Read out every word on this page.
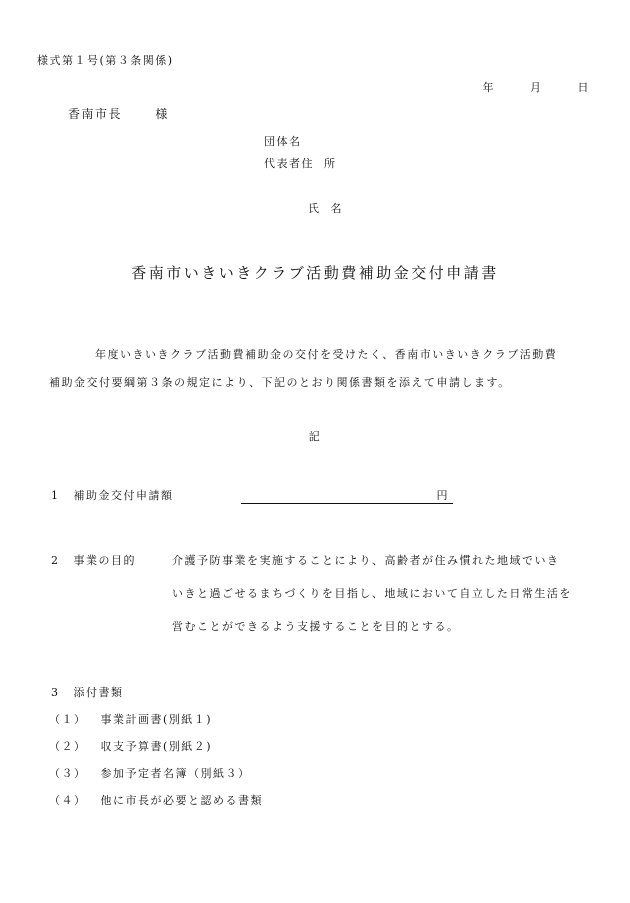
様式第１号(第３条関係)
年	月	日
香南市長	様
団体名
代表者住 所
氏 名
香南市いきいきクラブ活動費補助金交付申請書
年度いきいきクラブ活動費補助金の交付を受けたく、香南市いきいきクラブ活動費
補助金交付要綱第３条の規定により、下記のとおり関係書類を添えて申請します。
記
1 補助金交付申請額	円
2 事業の目的	介護予防事業を実施することにより、高齢者が住み慣れた地域でいき
いきと過ごせるまちづくりを目指し、地域において自立した日常生活を
営むことができるよう支援することを目的とする。
3 添付書類
（１） 事業計画書(別紙１)
（２） 収支予算書(別紙２)
（３） 参加予定者名簿（別紙３）
（４） 他に市長が必要と認める書類
